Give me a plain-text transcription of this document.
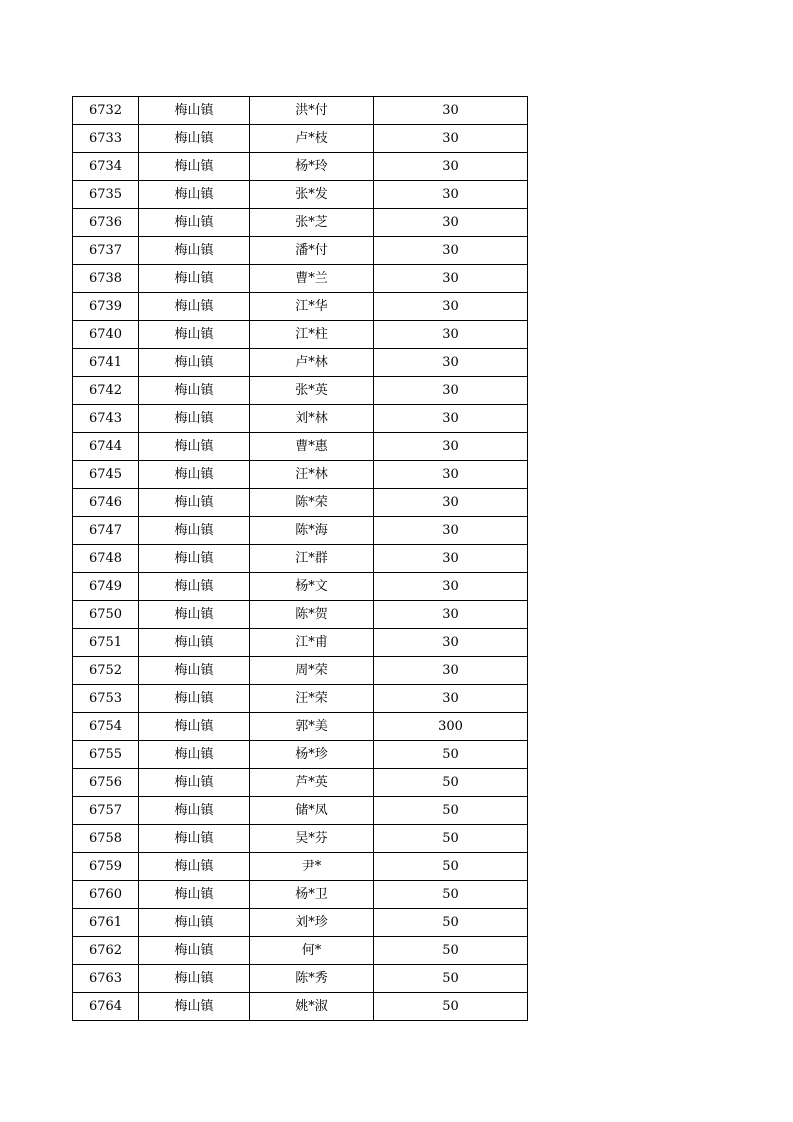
6732	梅山镇	洪*付	30
6733	梅山镇	卢*枝	30
6734	梅山镇	杨*玲	30
6735	梅山镇	张*发	30
6736	梅山镇	张*芝	30
6737	梅山镇	潘*付	30
6738	梅山镇	曹*兰	30
6739	梅山镇	江*华	30
6740	梅山镇	江*柱	30
6741	梅山镇	卢*林	30
6742	梅山镇	张*英	30
6743	梅山镇	刘*林	30
6744	梅山镇	曹*惠	30
6745	梅山镇	汪*林	30
6746	梅山镇	陈*荣	30
6747	梅山镇	陈*海	30
6748	梅山镇	江*群	30
6749	梅山镇	杨*文	30
6750	梅山镇	陈*贺	30
6751	梅山镇	江*甫	30
6752	梅山镇	周*荣	30
6753	梅山镇	汪*荣	30
6754	梅山镇	郭*美	300
6755	梅山镇	杨*珍	50
6756	梅山镇	芦*英	50
6757	梅山镇	储*凤	50
6758	梅山镇	吴*芬	50
6759	梅山镇	尹*	50
6760	梅山镇	杨*卫	50
6761	梅山镇	刘*珍	50
6762	梅山镇	何*	50
6763	梅山镇	陈*秀	50
6764	梅山镇	姚*淑	50
